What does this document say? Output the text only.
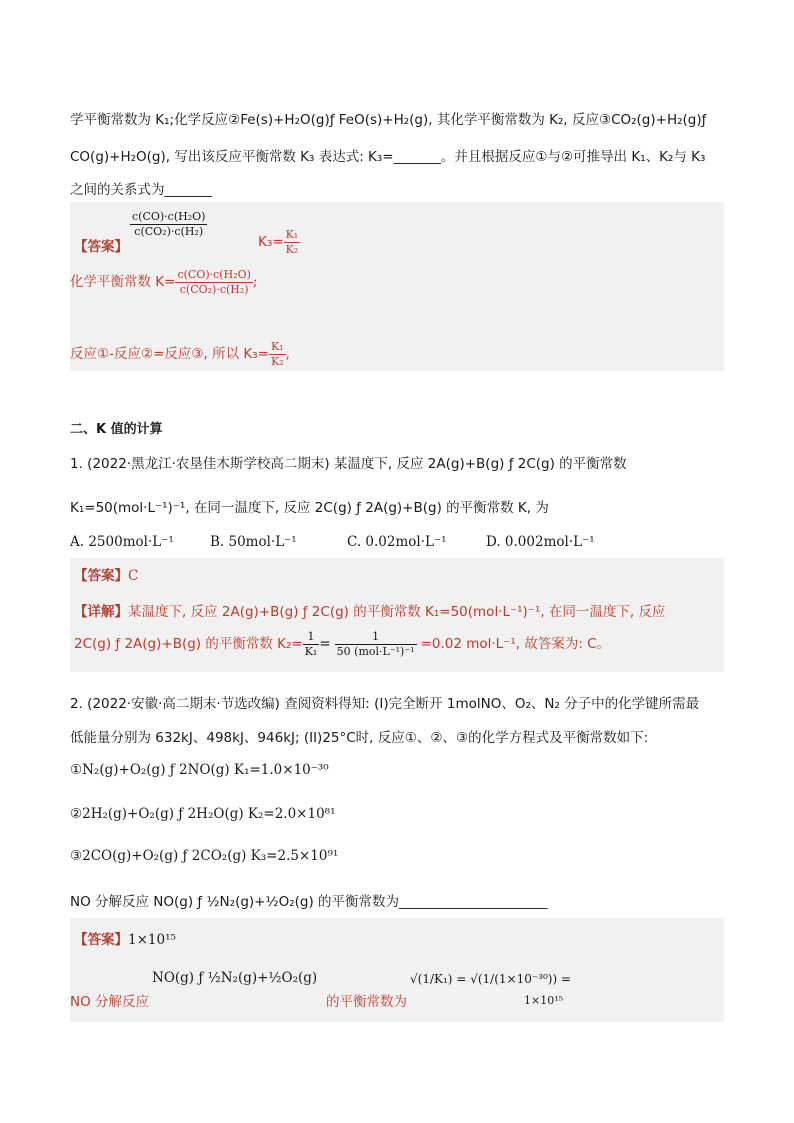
学平衡常数为 K₁;化学反应②Fe(s)+H₂O(g)ƒ FeO(s)+H₂(g), 其化学平衡常数为 K₂, 反应③CO₂(g)+H₂(g)ƒ
CO(g)+H₂O(g), 写出该反应平衡常数 K₃ 表达式: K₃=_______。并且根据反应①与②可推导出 K₁、K₂与 K₃
之间的关系式为_______
【答案】
$\frac{\text{c(CO)·c(H₂O)}}{\text{c(CO₂)·c(H₂)}}$
$K_3= \frac{\text{K₁}}{\text{K₂}}$
化学平衡常数 $K= \frac{\text{c(CO)·c(H₂O)}}{\text{c(CO₂)·c(H₂)}}$ ;
反应①-反应②=反应③, 所以 $K_3= \frac{\text{K₁}}{\text{K₂}}$ ,
二、K 值的计算
1. (2022·黑龙江·农垦佳木斯学校高二期末) 某温度下, 反应 2A(g)+B(g) ƒ 2C(g) 的平衡常数
K₁=50(mol·L⁻¹)⁻¹, 在同一温度下, 反应 2C(g) ƒ 2A(g)+B(g) 的平衡常数 K, 为
A. 2500mol·L⁻¹	B. 50mol·L⁻¹	C. 0.02mol·L⁻¹	D. 0.002mol·L⁻¹
【答案】C
【详解】某温度下, 反应 2A(g)+B(g) ƒ 2C(g) 的平衡常数 K₁=50(mol·L⁻¹)⁻¹, 在同一温度下, 反应
2C(g) ƒ 2A(g)+B(g) 的平衡常数 $K_2= \frac{1}{\text{K₁}} = \frac{1}{\text{50 (mol·L⁻¹)⁻¹}} =0.02$ mol·L⁻¹, 故答案为: C。
2. (2022·安徽·高二期末·节选改编) 查阅资料得知: (I)完全断开 1molNO、O₂、N₂ 分子中的化学键所需最
低能量分别为 632kJ、498kJ、946kJ; (II)25°C时, 反应①、②、③的化学方程式及平衡常数如下:
①N₂(g)+O₂(g) ƒ 2NO(g) K₁=1.0×10⁻³⁰
②2H₂(g)+O₂(g) ƒ 2H₂O(g) K₂=2.0×10⁸¹
③2CO(g)+O₂(g) ƒ 2CO₂(g) K₃=2.5×10⁹¹
NO 分解反应 NO(g) ƒ ½N₂(g)+½O₂(g) 的平衡常数为______________________
【答案】1×10¹⁵
NO 分解反应
NO(g) ƒ ½N₂(g)+½O₂(g)
的平衡常数为
√(1/K₁) = √(1/(1×10⁻³⁰)) =
1×10¹⁵
